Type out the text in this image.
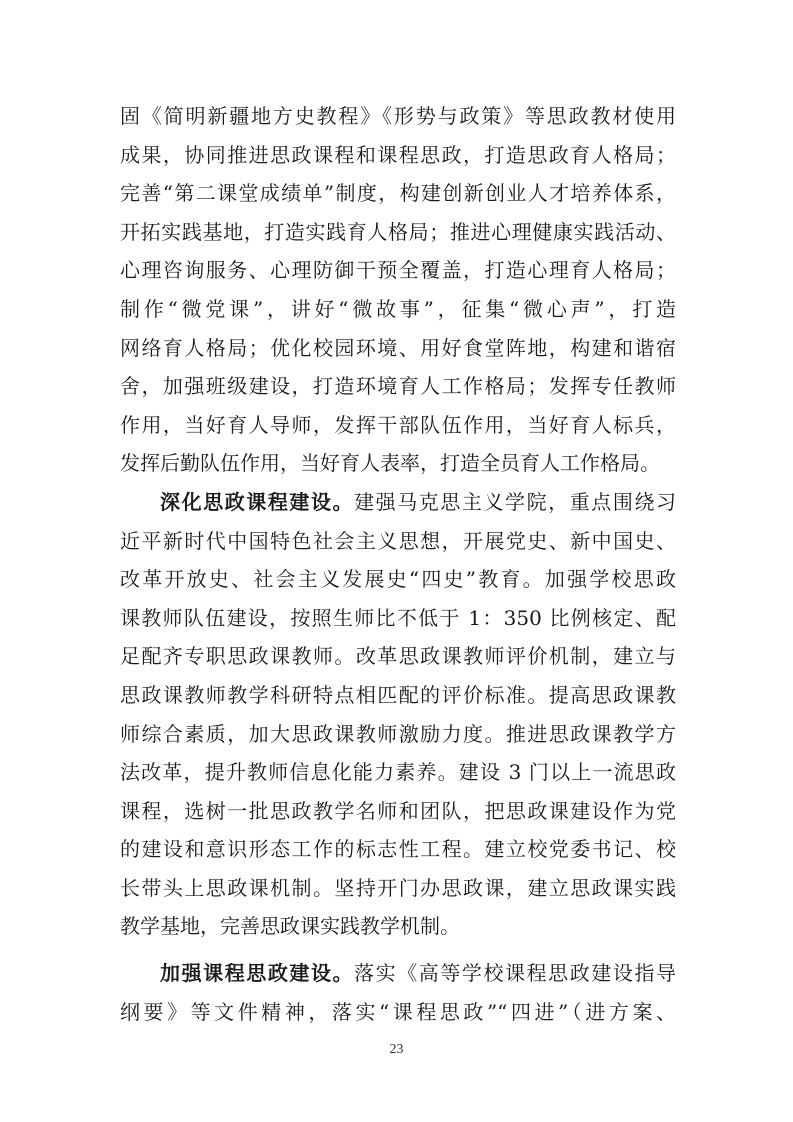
固《简明新疆地方史教程》《形势与政策》等思政教材使用
成果，协同推进思政课程和课程思政，打造思政育人格局；
完善“第二课堂成绩单”制度，构建创新创业人才培养体系，
开拓实践基地，打造实践育人格局；推进心理健康实践活动、
心理咨询服务、心理防御干预全覆盖，打造心理育人格局；
制作“微党课”，讲好“微故事”，征集“微心声”，打造
网络育人格局；优化校园环境、用好食堂阵地，构建和谐宿
舍，加强班级建设，打造环境育人工作格局；发挥专任教师
作用，当好育人导师，发挥干部队伍作用，当好育人标兵，
发挥后勤队伍作用，当好育人表率，打造全员育人工作格局。
深化思政课程建设。建强马克思主义学院，重点围绕习
近平新时代中国特色社会主义思想，开展党史、新中国史、
改革开放史、社会主义发展史“四史”教育。加强学校思政
课教师队伍建设，按照生师比不低于 1：350 比例核定、配
足配齐专职思政课教师。改革思政课教师评价机制，建立与
思政课教师教学科研特点相匹配的评价标准。提高思政课教
师综合素质，加大思政课教师激励力度。推进思政课教学方
法改革，提升教师信息化能力素养。建设 3 门以上一流思政
课程，选树一批思政教学名师和团队，把思政课建设作为党
的建设和意识形态工作的标志性工程。建立校党委书记、校
长带头上思政课机制。坚持开门办思政课，建立思政课实践
教学基地，完善思政课实践教学机制。
加强课程思政建设。落实《高等学校课程思政建设指导
纲要》等文件精神，落实“课程思政”“四进”（进方案、
23
